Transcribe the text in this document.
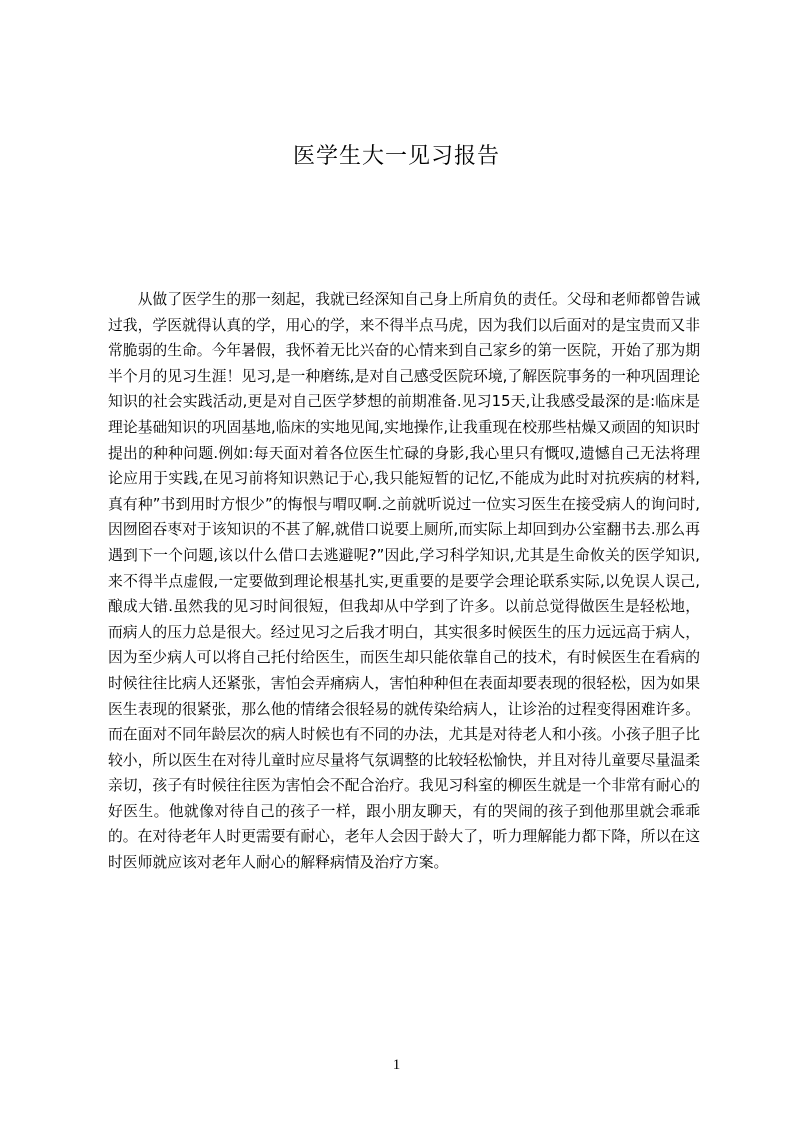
医学生大一见习报告

从做了医学生的那一刻起，我就已经深知自己身上所肩负的责任。父母和老师都曾告诫过我，学医就得认真的学，用心的学，来不得半点马虎，因为我们以后面对的是宝贵而又非常脆弱的生命。今年暑假，我怀着无比兴奋的心情来到自己家乡的第一医院，开始了那为期半个月的见习生涯！见习,是一种磨练,是对自己感受医院环境,了解医院事务的一种巩固理论知识的社会实践活动,更是对自己医学梦想的前期准备.见习15天,让我感受最深的是:临床是理论基础知识的巩固基地,临床的实地见闻,实地操作,让我重现在校那些枯燥又顽固的知识时提出的种种问题.例如:每天面对着各位医生忙碌的身影,我心里只有慨叹,遗憾自己无法将理论应用于实践,在见习前将知识熟记于心,我只能短暂的记忆,不能成为此时对抗疾病的材料,真有种”书到用时方恨少”的悔恨与喟叹啊.之前就听说过一位实习医生在接受病人的询问时,因囫囵吞枣对于该知识的不甚了解,就借口说要上厕所,而实际上却回到办公室翻书去.那么再遇到下一个问题,该以什么借口去逃避呢?”因此,学习科学知识,尤其是生命攸关的医学知识,来不得半点虚假,一定要做到理论根基扎实,更重要的是要学会理论联系实际,以免误人误己,酿成大错.虽然我的见习时间很短，但我却从中学到了许多。以前总觉得做医生是轻松地，而病人的压力总是很大。经过见习之后我才明白，其实很多时候医生的压力远远高于病人，因为至少病人可以将自己托付给医生，而医生却只能依靠自己的技术，有时候医生在看病的时候往往比病人还紧张，害怕会弄痛病人，害怕种种但在表面却要表现的很轻松，因为如果医生表现的很紧张，那么他的情绪会很轻易的就传染给病人，让诊治的过程变得困难许多。而在面对不同年龄层次的病人时候也有不同的办法，尤其是对待老人和小孩。小孩子胆子比较小，所以医生在对待儿童时应尽量将气氛调整的比较轻松愉快，并且对待儿童要尽量温柔亲切，孩子有时候往往医为害怕会不配合治疗。我见习科室的柳医生就是一个非常有耐心的好医生。他就像对待自己的孩子一样，跟小朋友聊天，有的哭闹的孩子到他那里就会乖乖的。在对待老年人时更需要有耐心，老年人会因于龄大了，听力理解能力都下降，所以在这时医师就应该对老年人耐心的解释病情及治疗方案。

1
